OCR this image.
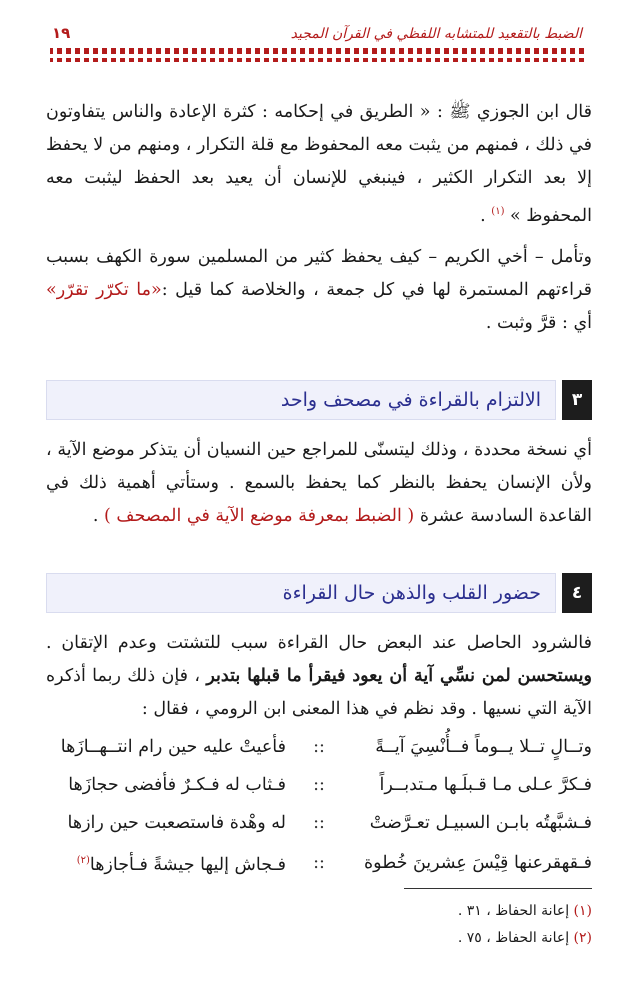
الضبط بالتقعيد للمتشابه اللفظي في القرآن المجيد
١٩

قال ابن الجوزي ﷺ : « الطريق في إحكامه : كثرة الإعادة والناس يتفاوتون في ذلك ، فمنهم من يثبت معه المحفوظ مع قلة التكرار ، ومنهم من لا يحفظ إلا بعد التكرار الكثير ، فينبغي للإنسان أن يعيد بعد الحفظ ليثبت معه المحفوظ » $^{(١)}$ .

وتأمل – أخي الكريم – كيف يحفظ كثير من المسلمين سورة الكهف بسبب قراءتهم المستمرة لها في كل جمعة ، والخلاصة كما قيل :«ما تكرّر تقرّر» أي : قرَّ وثبت .

٣
الالتزام بالقراءة في مصحف واحد

أي نسخة محددة ، وذلك ليتسنّى للمراجع حين النسيان أن يتذكر موضع الآية ، ولأن الإنسان يحفظ بالنظر كما يحفظ بالسمع . وستأتي أهمية ذلك في القاعدة السادسة عشرة ( الضبط بمعرفة موضع الآية في المصحف ) .

٤
حضور القلب والذهن حال القراءة

فالشرود الحاصل عند البعض حال القراءة سبب للتشتت وعدم الإتقان . ويستحسن لمن نسِّي آية أن يعود فيقرأ ما قبلها بتدبر ، فإن ذلك ربما أذكره الآية التي نسيها . وقد نظم في هذا المعنى ابن الرومي ، فقال :

وتــالٍ تــلا يــوماً فــأُنْسِيَ آيــةً
::
فأعيتْ عليه حين رام انتــهــازَها
فـكرَّ عـلى مـا قـبلَـها مـتدبــراً
::
فـثاب له فـكـرٌ فأفضى حجازَها
فـشبَّهتُه بابـن السبيـل تعـرَّضتْ
::
له وهْدة فاستصعبت حين رازها
فـقهقرعنها قِيْسَ عِشرينَ خُطوة
::
فـجاش إليها جيشةً فـأجازها$^{(٢)}$
(١) إعانة الحفاظ ، ٣١ .
(٢) إعانة الحفاظ ، ٧٥ .
